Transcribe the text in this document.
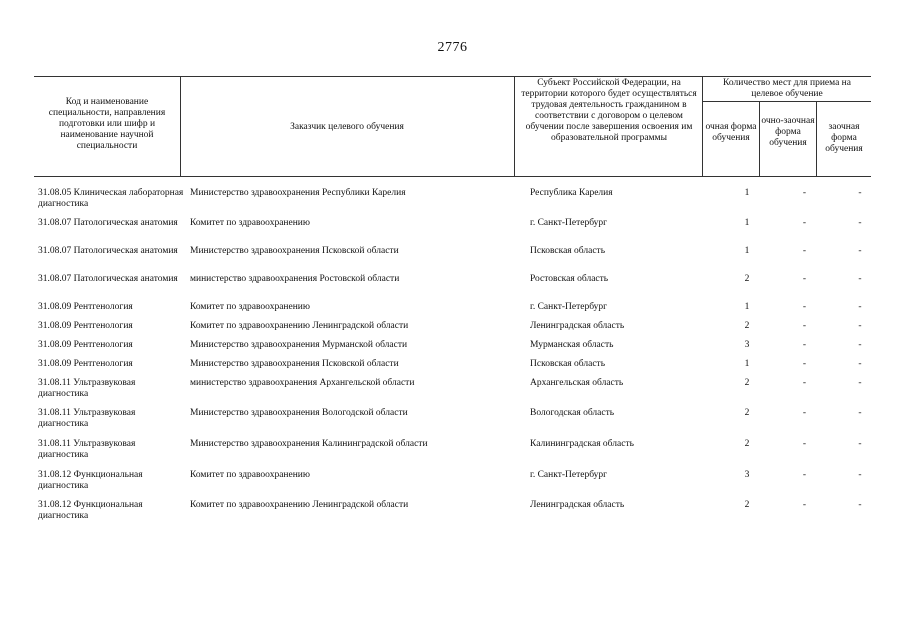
2776
Код и наименование специальности, направления подготовки или шифр и наименование научной специальности
Заказчик целевого обучения
Субъект Российской Федерации, на территории которого будет осуществляться трудовая деятельность гражданином в соответствии с договором о целевом обучении после завершения освоения им образовательной программы
Количество мест для приема на целевое обучение
очная форма обучения
очно-заочная форма обучения
заочная форма обучения
31.08.05 Клиническая лабораторная диагностика	Министерство здравоохранения Республики Карелия	Республика Карелия	1	-	-
31.08.07 Патологическая анатомия	Комитет по здравоохранению	г. Санкт-Петербург	1	-	-
31.08.07 Патологическая анатомия	Министерство здравоохранения Псковской области	Псковская область	1	-	-
31.08.07 Патологическая анатомия	министерство здравоохранения Ростовской области	Ростовская область	2	-	-
31.08.09 Рентгенология	Комитет по здравоохранению	г. Санкт-Петербург	1	-	-
31.08.09 Рентгенология	Комитет по здравоохранению Ленинградской области	Ленинградская область	2	-	-
31.08.09 Рентгенология	Министерство здравоохранения Мурманской области	Мурманская область	3	-	-
31.08.09 Рентгенология	Министерство здравоохранения Псковской области	Псковская область	1	-	-
31.08.11 Ультразвуковая диагностика	министерство здравоохранения Архангельской области	Архангельская область	2	-	-
31.08.11 Ультразвуковая диагностика	Министерство здравоохранения Вологодской области	Вологодская область	2	-	-
31.08.11 Ультразвуковая диагностика	Министерство здравоохранения Калининградской области	Калининградская область	2	-	-
31.08.12 Функциональная диагностика	Комитет по здравоохранению	г. Санкт-Петербург	3	-	-
31.08.12 Функциональная диагностика	Комитет по здравоохранению Ленинградской области	Ленинградская область	2	-	-
